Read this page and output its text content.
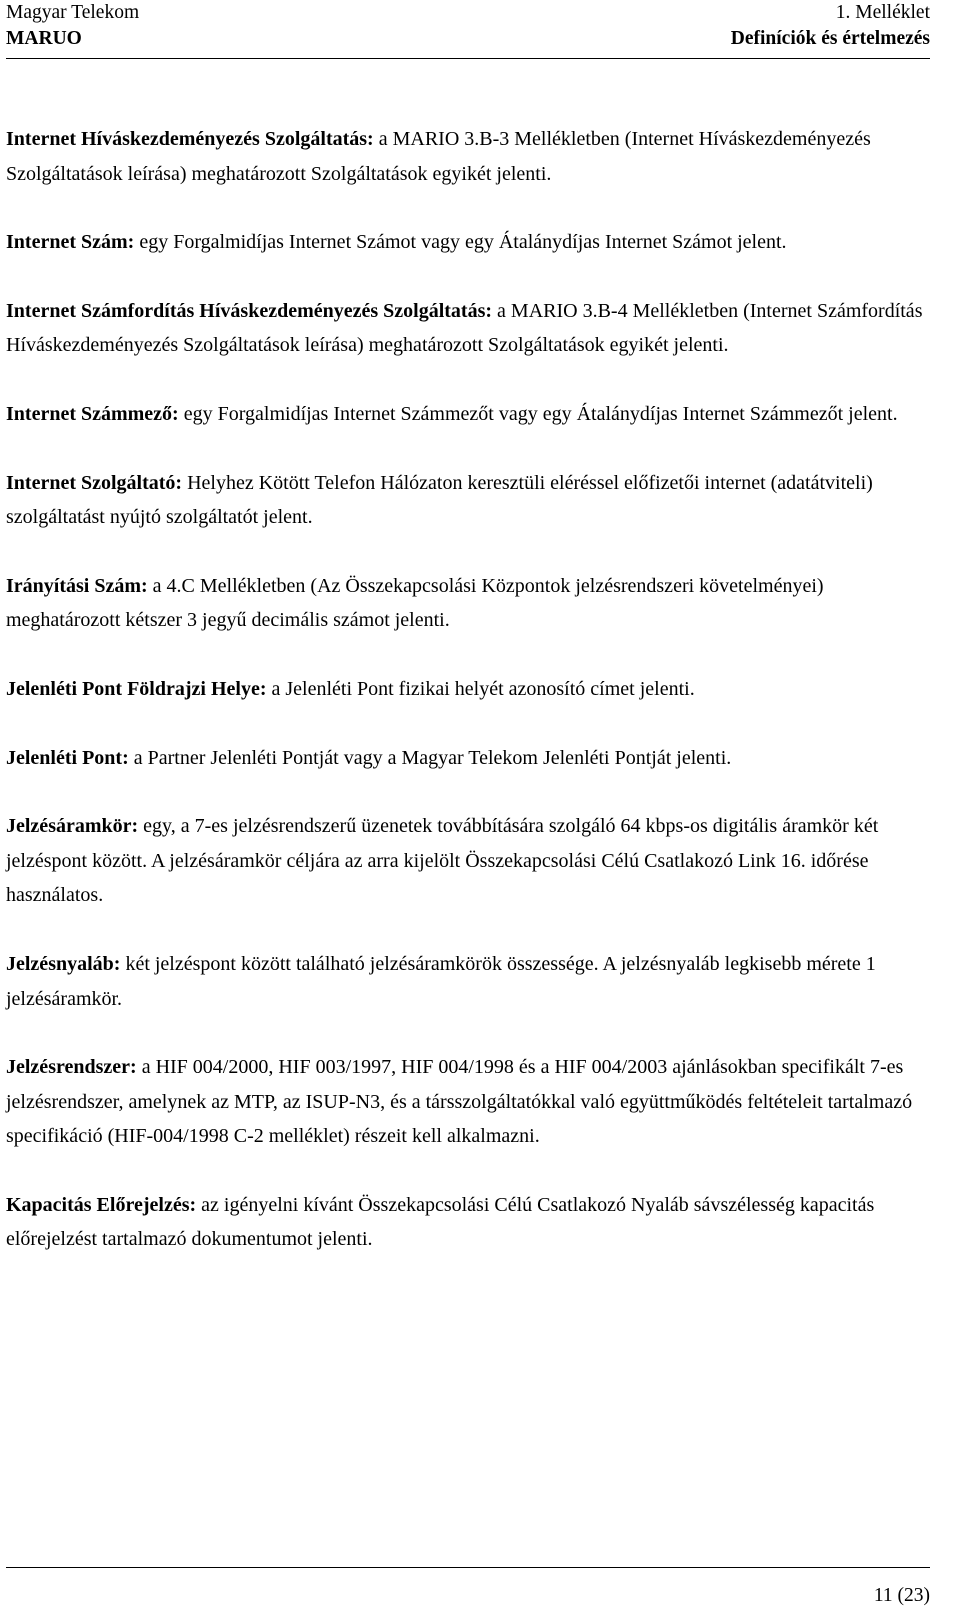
Magyar Telekom
MARUO
1. Melléklet
Definíciók és értelmezés

Internet Híváskezdeményezés Szolgáltatás: a MARIO 3.B-3 Mellékletben (Internet Híváskezdeményezés Szolgáltatások leírása) meghatározott Szolgáltatások egyikét jelenti.

Internet Szám: egy Forgalmidíjas Internet Számot vagy egy Átalánydíjas Internet Számot jelent.

Internet Számfordítás Híváskezdeményezés Szolgáltatás: a MARIO 3.B-4 Mellékletben (Internet Számfordítás Híváskezdeményezés Szolgáltatások leírása) meghatározott Szolgáltatások egyikét jelenti.

Internet Számmező: egy Forgalmidíjas Internet Számmezőt vagy egy Átalánydíjas Internet Számmezőt jelent.

Internet Szolgáltató: Helyhez Kötött Telefon Hálózaton keresztüli eléréssel előfizetői internet (adatátviteli) szolgáltatást nyújtó szolgáltatót jelent.

Irányítási Szám: a 4.C Mellékletben (Az Összekapcsolási Központok jelzésrendszeri követelményei) meghatározott kétszer 3 jegyű decimális számot jelenti.

Jelenléti Pont Földrajzi Helye: a Jelenléti Pont fizikai helyét azonosító címet jelenti.

Jelenléti Pont: a Partner Jelenléti Pontját vagy a Magyar Telekom Jelenléti Pontját jelenti.

Jelzésáramkör: egy, a 7-es jelzésrendszerű üzenetek továbbítására szolgáló 64 kbps-os digitális áramkör két jelzéspont között. A jelzésáramkör céljára az arra kijelölt Összekapcsolási Célú Csatlakozó Link 16. időrése használatos.

Jelzésnyaláb: két jelzéspont között található jelzésáramkörök összessége. A jelzésnyaláb legkisebb mérete 1 jelzésáramkör.

Jelzésrendszer: a HIF 004/2000, HIF 003/1997, HIF 004/1998 és a HIF 004/2003 ajánlásokban specifikált 7-es jelzésrendszer, amelynek az MTP, az ISUP-N3, és a társszolgáltatókkal való együttműködés feltételeit tartalmazó specifikáció (HIF-004/1998 C-2 melléklet) részeit kell alkalmazni.

Kapacitás Előrejelzés: az igényelni kívánt Összekapcsolási Célú Csatlakozó Nyaláb sávszélesség kapacitás előrejelzést tartalmazó dokumentumot jelenti.

11 (23)
